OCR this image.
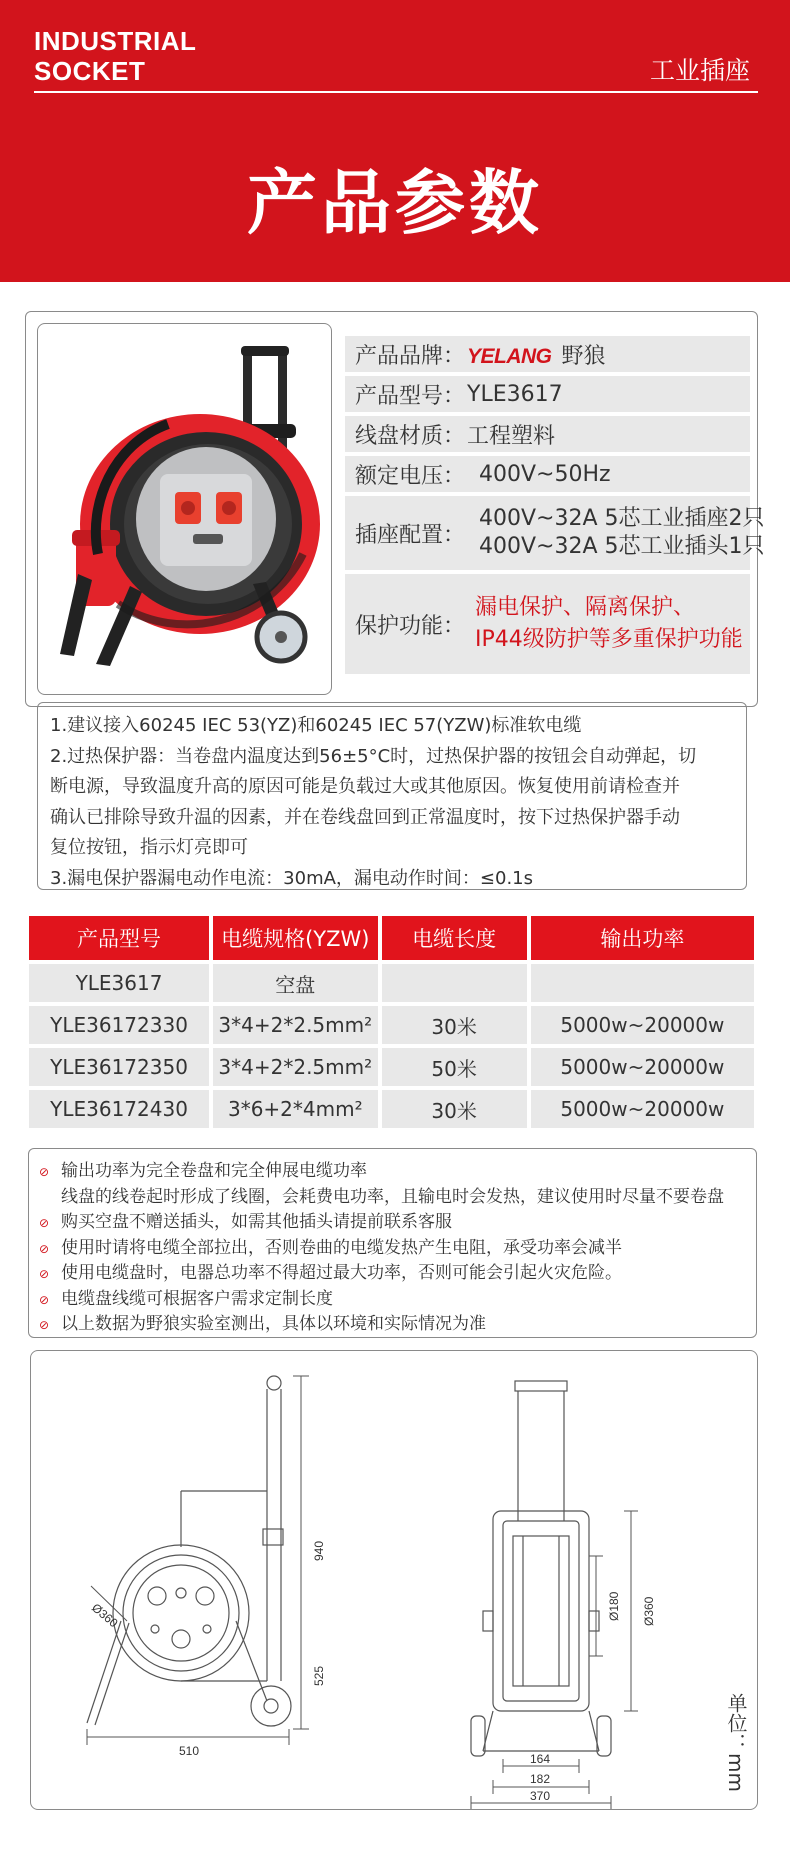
INDUSTRIAL
SOCKET	工业插座
产品参数
产品品牌： YELANG 野狼
产品型号： YLE3617
线盘材质： 工程塑料
额定电压： 400V~50Hz
插座配置：
400V~32A 5芯工业插座2只
400V~32A 5芯工业插头1只
保护功能：
漏电保护、隔离保护、
IP44级防护等多重保护功能
1.建议接入60245 IEC 53(YZ)和60245 IEC 57(YZW)标准软电缆
2.过热保护器：当卷盘内温度达到56±5°C时，过热保护器的按钮会自动弹起，切
断电源，导致温度升高的原因可能是负载过大或其他原因。恢复使用前请检查并
确认已排除导致升温的因素，并在卷线盘回到正常温度时，按下过热保护器手动
复位按钮，指示灯亮即可
3.漏电保护器漏电动作电流：30mA，漏电动作时间：≤0.1s
产品型号	电缆规格(YZW)	电缆长度	输出功率
YLE3617	空盘		
YLE36172330	3*4+2*2.5mm²	30米	5000w~20000w
YLE36172350	3*4+2*2.5mm²	50米	5000w~20000w
YLE36172430	3*6+2*4mm²	30米	5000w~20000w
⊘ 输出功率为完全卷盘和完全伸展电缆功率
线盘的线卷起时形成了线圈，会耗费电功率，且输电时会发热，建议使用时尽量不要卷盘
⊘ 购买空盘不赠送插头，如需其他插头请提前联系客服
⊘ 使用时请将电缆全部拉出，否则卷曲的电缆发热产生电阻，承受功率会减半
⊘ 使用电缆盘时，电器总功率不得超过最大功率，否则可能会引起火灾危险。
⊘ 电缆盘线缆可根据客户需求定制长度
⊘ 以上数据为野狼实验室测出，具体以环境和实际情况为准
Ø360
940
525
510
Ø180 Ø360
164
182
370
单位：mm
